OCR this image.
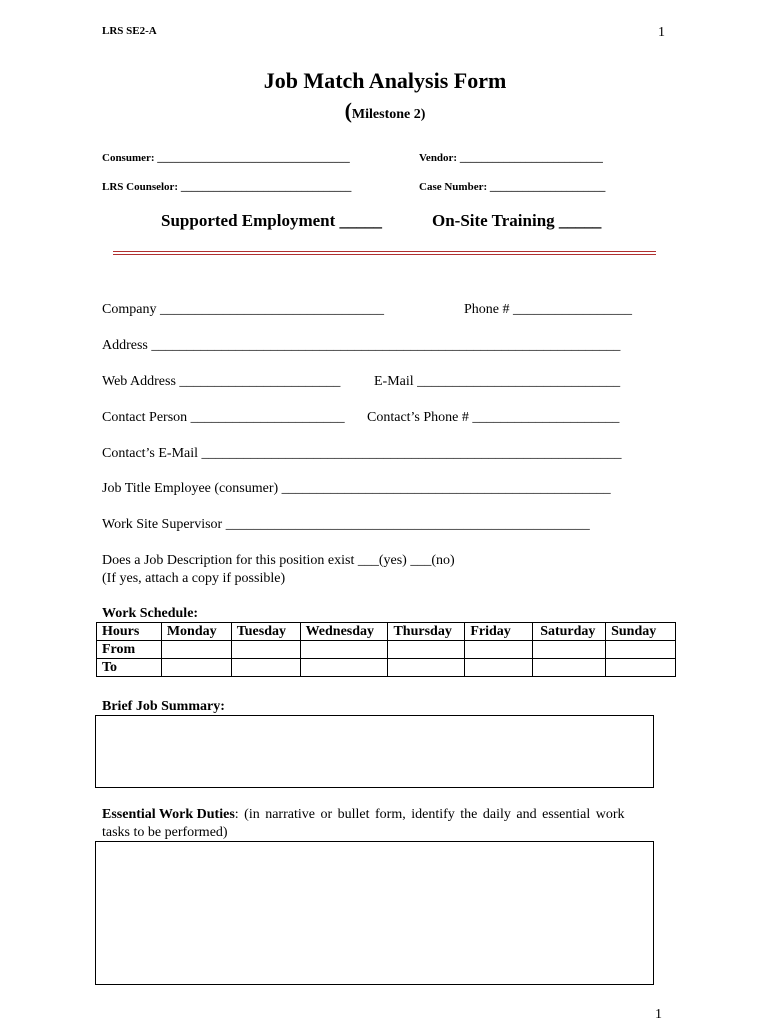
LRS SE2-A	1
Job Match Analysis Form
(Milestone 2)
Consumer: ___________________________________	Vendor: __________________________
LRS Counselor: _______________________________	Case Number: _____________________
Supported Employment _____	On-Site Training _____
Company ________________________________	Phone # _________________
Address ___________________________________________________________________
Web Address _______________________ E-Mail _____________________________
Contact Person ______________________ Contact’s Phone # _____________________
Contact’s E-Mail ____________________________________________________________
Job Title Employee (consumer) _______________________________________________
Work Site Supervisor ____________________________________________________
Does a Job Description for this position exist ___(yes) ___(no)
(If yes, attach a copy if possible)
Work Schedule:
Hours	Monday	Tuesday	Wednesday	Thursday	Friday	Saturday	Sunday
From							
To							
Brief Job Summary:
Essential Work Duties: (in narrative or bullet form, identify the daily and essential work
tasks to be performed)
1
